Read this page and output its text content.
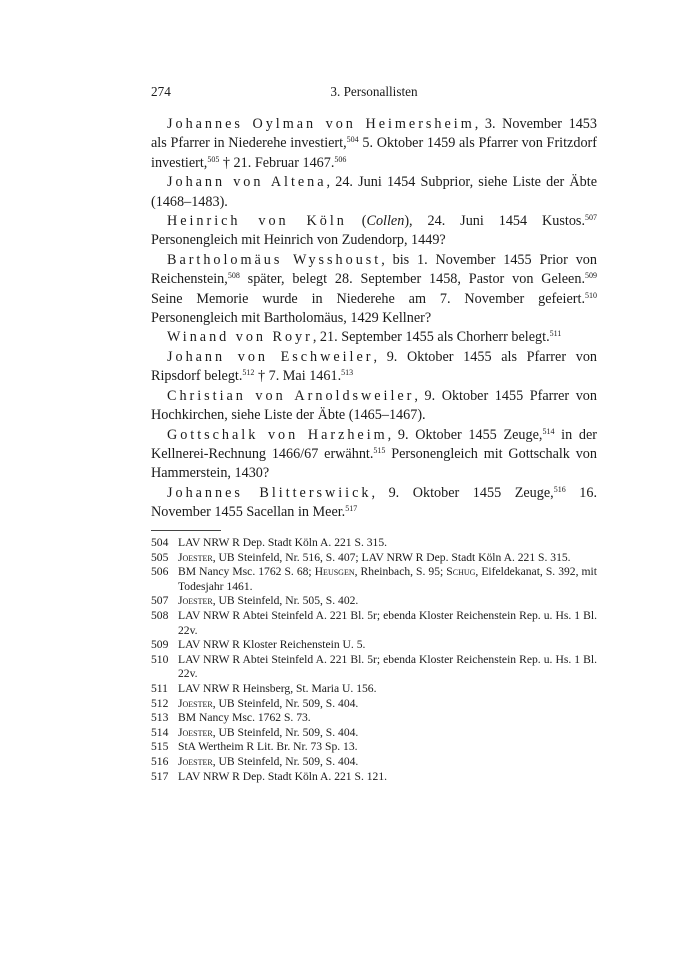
274	3. Personallisten

Johannes Oylman von Heimersheim, 3. November 1453 als Pfarrer in Niederehe investiert,$^{504}$ 5. Oktober 1459 als Pfarrer von Fritzdorf investiert,$^{505}$ † 21. Februar 1467.$^{506}$

Johann von Altena, 24. Juni 1454 Subprior, siehe Liste der Äbte (1468–1483).

Heinrich von Köln (Collen), 24. Juni 1454 Kustos.$^{507}$ Personengleich mit Heinrich von Zudendorp, 1449?

Bartholomäus Wysshoust, bis 1. November 1455 Prior von Reichenstein,$^{508}$ später, belegt 28. September 1458, Pastor von Geleen.$^{509}$ Seine Memorie wurde in Niederehe am 7. November gefeiert.$^{510}$ Personengleich mit Bartholomäus, 1429 Kellner?

Winand von Royr, 21. September 1455 als Chorherr belegt.$^{511}$

Johann von Eschweiler, 9. Oktober 1455 als Pfarrer von Ripsdorf belegt.$^{512}$ † 7. Mai 1461.$^{513}$

Christian von Arnoldsweiler, 9. Oktober 1455 Pfarrer von Hochkirchen, siehe Liste der Äbte (1465–1467).

Gottschalk von Harzheim, 9. Oktober 1455 Zeuge,$^{514}$ in der Kellnerei-Rechnung 1466/67 erwähnt.$^{515}$ Personengleich mit Gottschalk von Hammerstein, 1430?

Johannes Blitterswiick, 9. Oktober 1455 Zeuge,$^{516}$ 16. November 1455 Sacellan in Meer.$^{517}$

504 LAV NRW R Dep. Stadt Köln A. 221 S. 315.
505 Joester, UB Steinfeld, Nr. 516, S. 407; LAV NRW R Dep. Stadt Köln A. 221 S. 315.
506 BM Nancy Msc. 1762 S. 68; Heusgen, Rheinbach, S. 95; Schug, Eifeldekanat, S. 392, mit Todesjahr 1461.
507 Joester, UB Steinfeld, Nr. 505, S. 402.
508 LAV NRW R Abtei Steinfeld A. 221 Bl. 5r; ebenda Kloster Reichenstein Rep. u. Hs. 1 Bl. 22v.
509 LAV NRW R Kloster Reichenstein U. 5.
510 LAV NRW R Abtei Steinfeld A. 221 Bl. 5r; ebenda Kloster Reichenstein Rep. u. Hs. 1 Bl. 22v.
511 LAV NRW R Heinsberg, St. Maria U. 156.
512 Joester, UB Steinfeld, Nr. 509, S. 404.
513 BM Nancy Msc. 1762 S. 73.
514 Joester, UB Steinfeld, Nr. 509, S. 404.
515 StA Wertheim R Lit. Br. Nr. 73 Sp. 13.
516 Joester, UB Steinfeld, Nr. 509, S. 404.
517 LAV NRW R Dep. Stadt Köln A. 221 S. 121.
